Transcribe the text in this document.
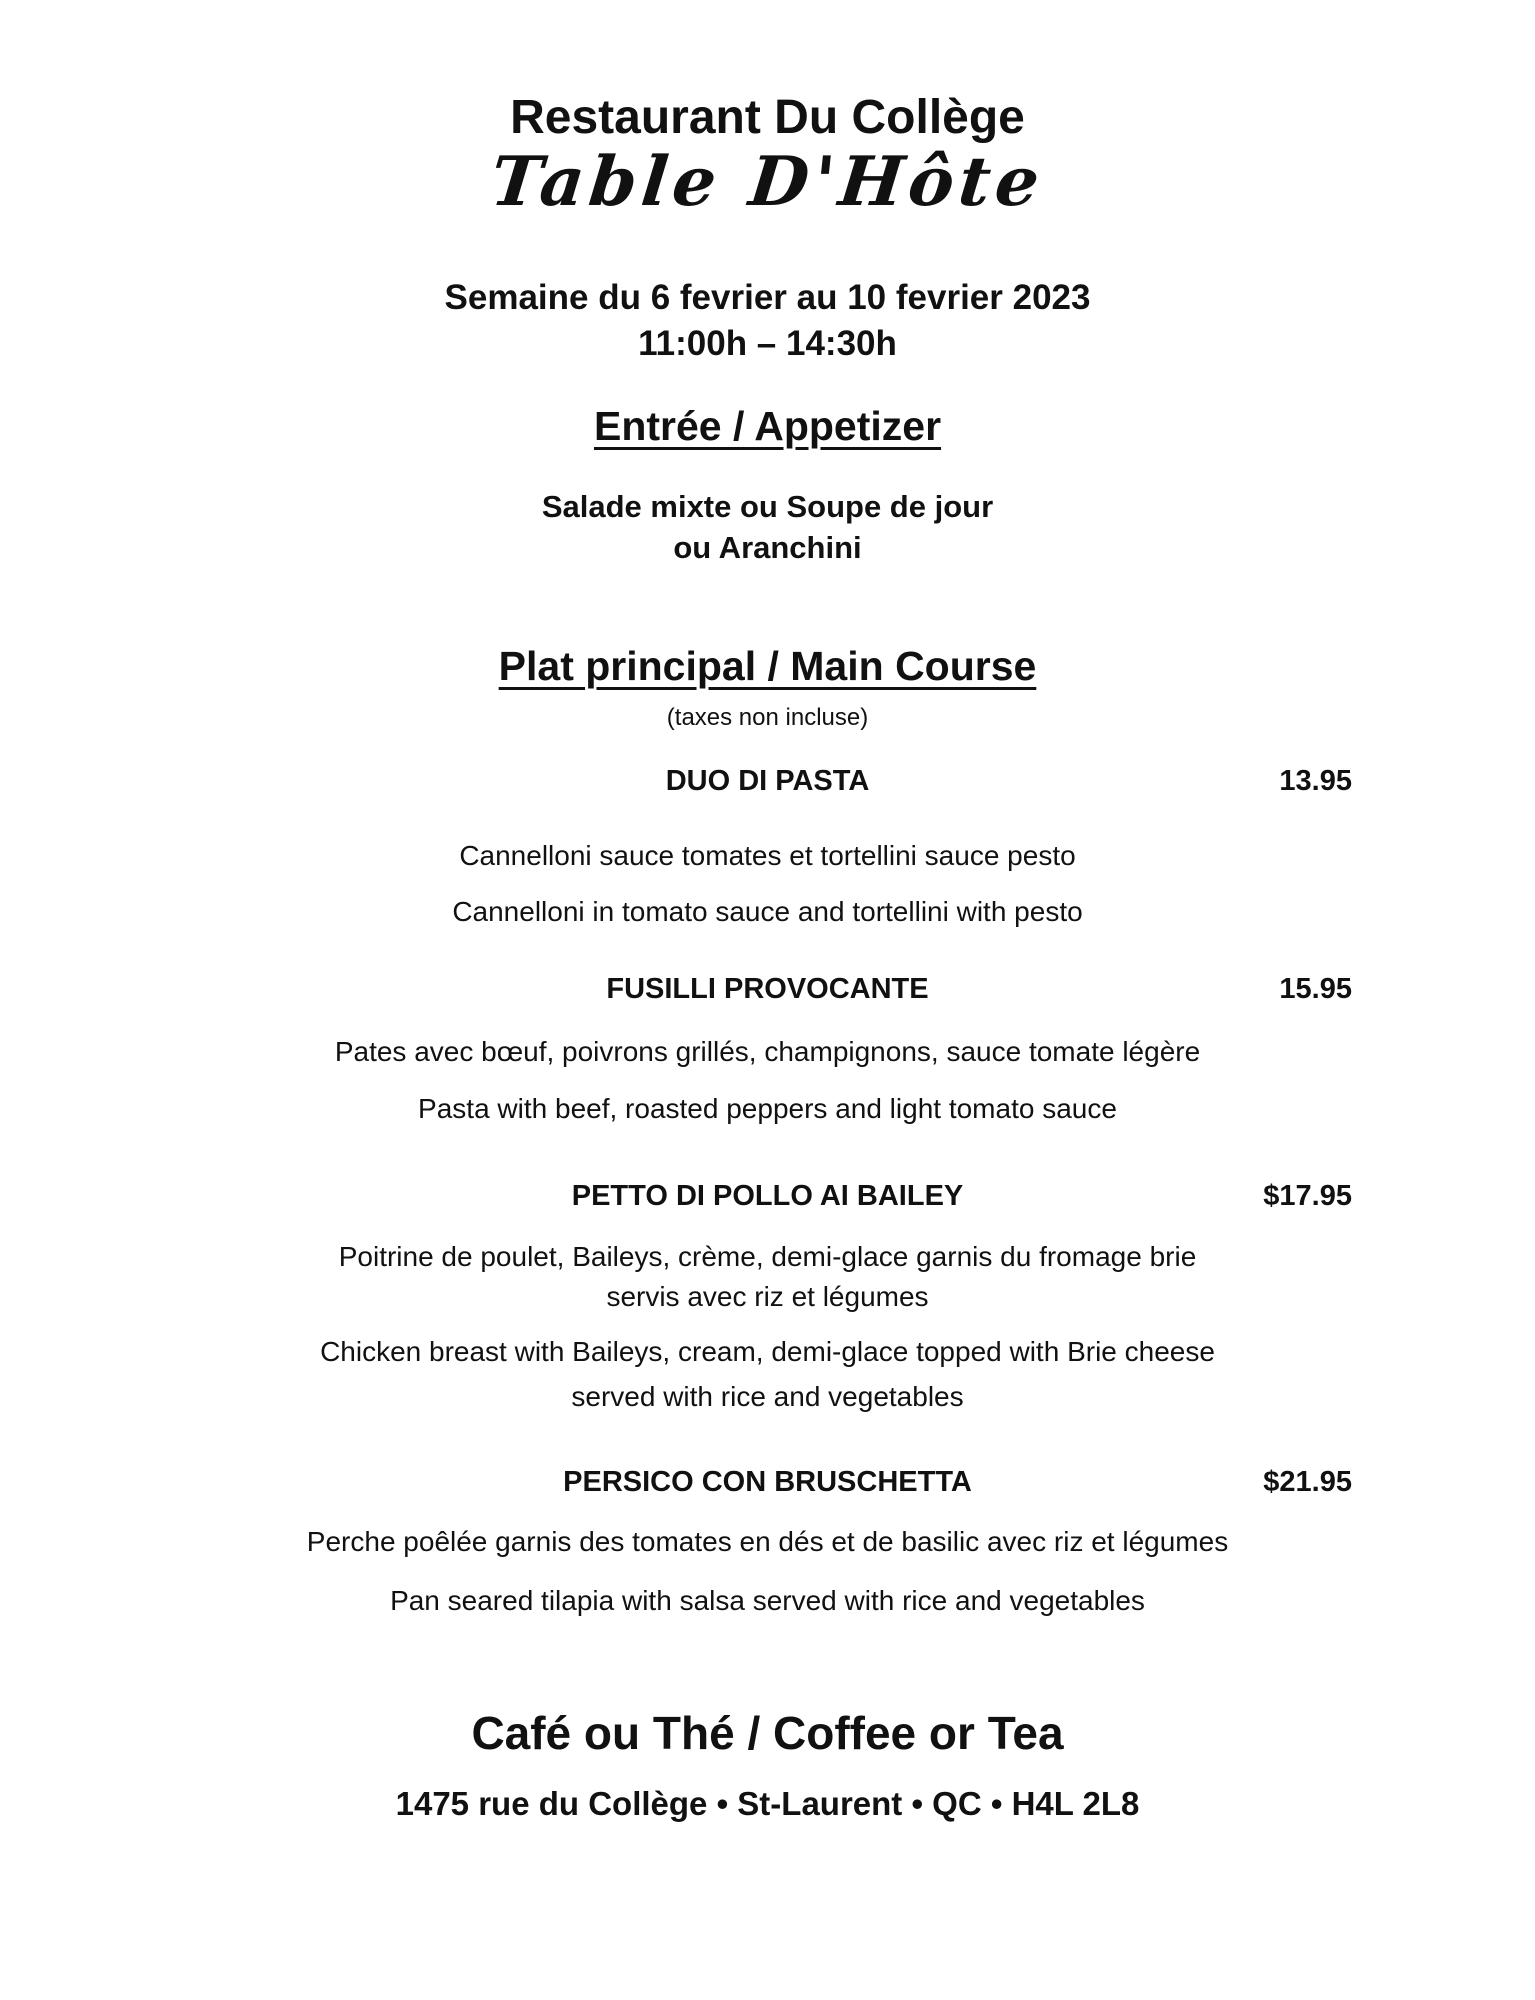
Restaurant Du Collège
Table D'Hôte
Semaine du 6 fevrier au 10 fevrier 2023
11:00h – 14:30h
Entrée / Appetizer
Salade mixte ou Soupe de jour
ou Aranchini
Plat principal / Main Course
(taxes non incluse)
DUO DI PASTA	13.95
Cannelloni sauce tomates et tortellini sauce pesto
Cannelloni in tomato sauce and tortellini with pesto
FUSILLI PROVOCANTE	15.95
Pates avec bœuf, poivrons grillés, champignons, sauce tomate légère
Pasta with beef, roasted peppers and light tomato sauce
PETTO DI POLLO AI BAILEY	$17.95
Poitrine de poulet, Baileys, crème, demi-glace garnis du fromage brie
servis avec riz et légumes
Chicken breast with Baileys, cream, demi-glace topped with Brie cheese
served with rice and vegetables
PERSICO CON BRUSCHETTA	$21.95
Perche poêlée garnis des tomates en dés et de basilic avec riz et légumes
Pan seared tilapia with salsa served with rice and vegetables
Café ou Thé / Coffee or Tea
1475 rue du Collège • St-Laurent • QC • H4L 2L8
